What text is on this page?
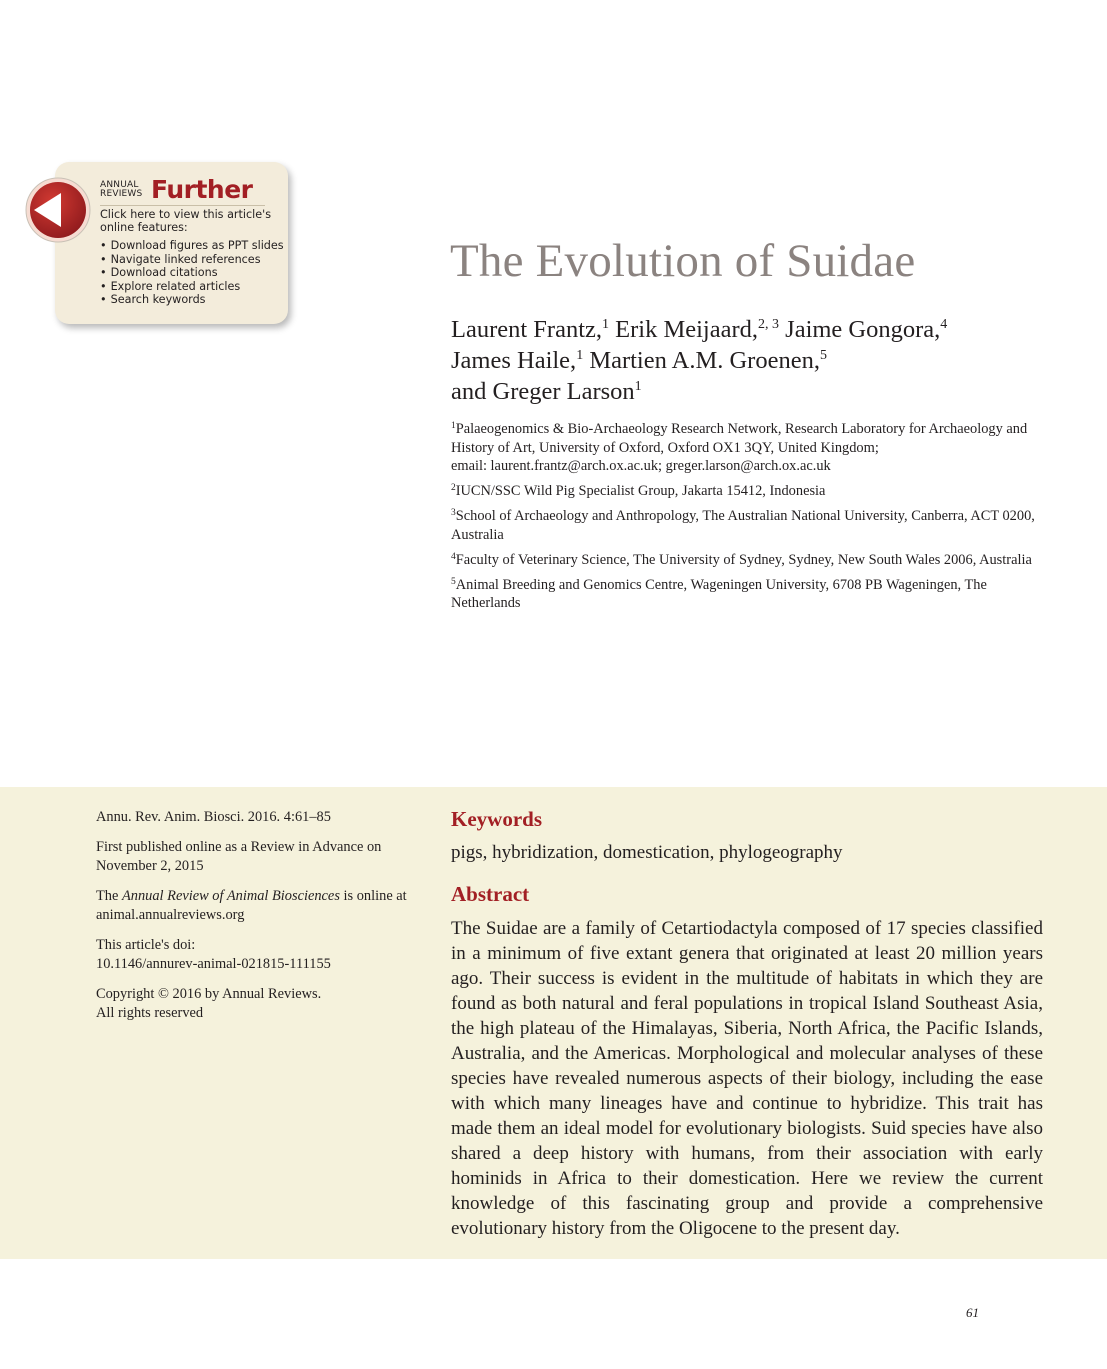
ANNUAL REVIEWS Further
Click here to view this article's online features:
• Download figures as PPT slides
• Navigate linked references
• Download citations
• Explore related articles
• Search keywords
The Evolution of Suidae
Laurent Frantz,$^1$ Erik Meijaard,$^{2, 3}$ Jaime Gongora,$^4$
James Haile,$^1$ Martien A.M. Groenen,$^5$
and Greger Larson$^1$

$^1$Palaeogenomics & Bio-Archaeology Research Network, Research Laboratory for Archaeology and History of Art, University of Oxford, Oxford OX1 3QY, United Kingdom;
email: laurent.frantz@arch.ox.ac.uk; greger.larson@arch.ox.ac.uk

$^2$IUCN/SSC Wild Pig Specialist Group, Jakarta 15412, Indonesia

$^3$School of Archaeology and Anthropology, The Australian National University, Canberra, ACT 0200, Australia

$^4$Faculty of Veterinary Science, The University of Sydney, Sydney, New South Wales 2006, Australia

$^5$Animal Breeding and Genomics Centre, Wageningen University, 6708 PB Wageningen, The Netherlands

Annu. Rev. Anim. Biosci. 2016. 4:61–85

First published online as a Review in Advance on November 2, 2015

The Annual Review of Animal Biosciences is online at animal.annualreviews.org

This article's doi:
10.1146/annurev-animal-021815-111155

Copyright © 2016 by Annual Reviews.
All rights reserved

Keywords
pigs, hybridization, domestication, phylogeography
Abstract

The Suidae are a family of Cetartiodactyla composed of 17 species classified in a minimum of five extant genera that originated at least 20 million years ago. Their success is evident in the multitude of habitats in which they are found as both natural and feral populations in tropical Island Southeast Asia, the high plateau of the Himalayas, Siberia, North Africa, the Pacific Islands, Australia, and the Americas. Morphological and molecular analyses of these species have revealed numerous aspects of their biology, including the ease with which many lineages have and continue to hybridize. This trait has made them an ideal model for evolutionary biologists. Suid species have also shared a deep history with humans, from their association with early hominids in Africa to their domestication. Here we review the current knowledge of this fascinating group and provide a comprehensive evolutionary history from the Oligocene to the present day.

61
